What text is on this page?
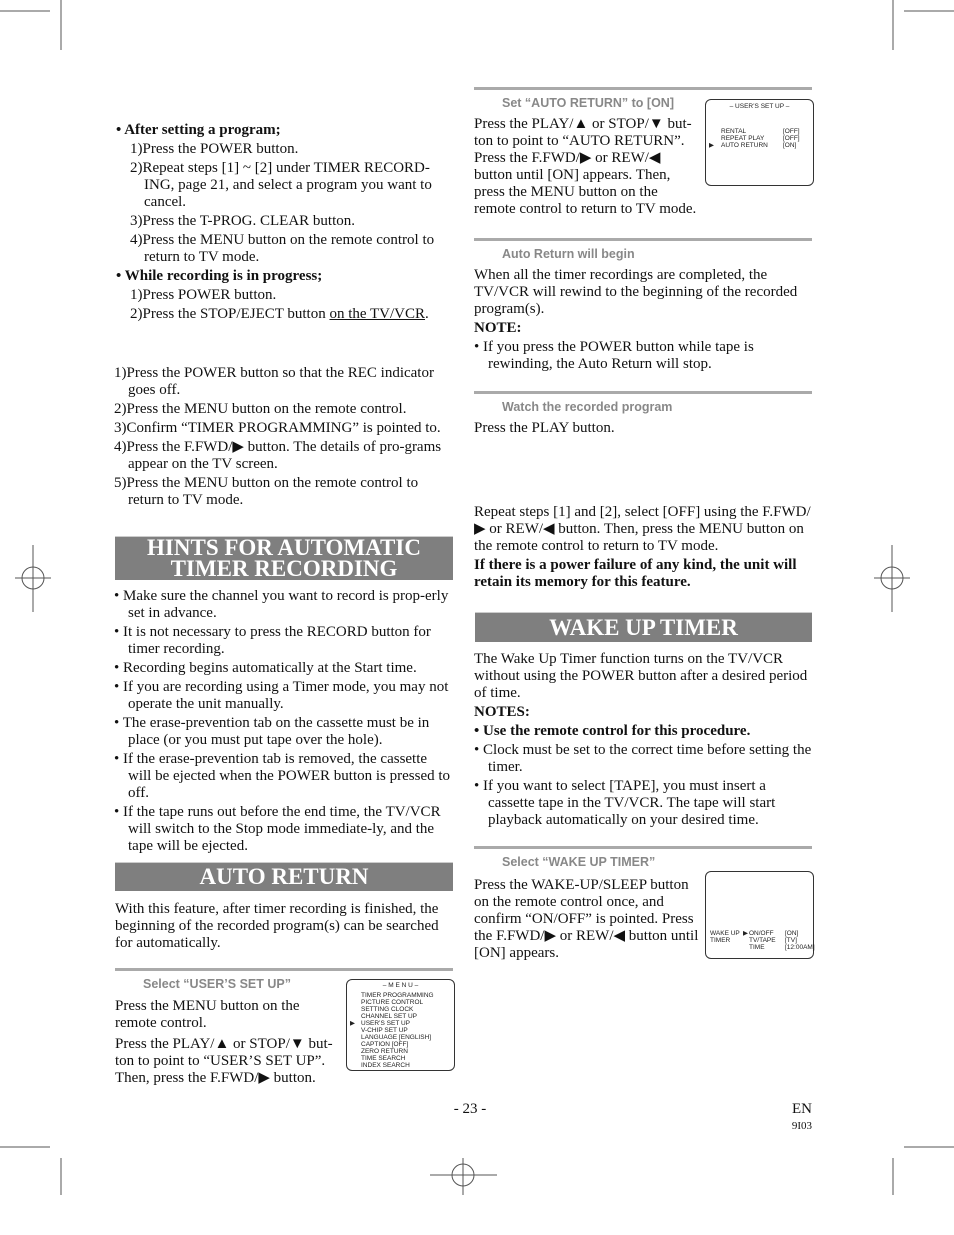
• After setting a program;
1)Press the POWER button.
2)Repeat steps [1] ~ [2] under TIMER RECORD-ING, page 21, and select a program you want to cancel.
3)Press the T-PROG. CLEAR button.
4)Press the MENU button on the remote control to return to TV mode.
• While recording is in progress;
1)Press POWER button.
2)Press the STOP/EJECT button on the TV/VCR.
1)Press the POWER button so that the REC indicator goes off.
2)Press the MENU button on the remote control.
3)Confirm “TIMER PROGRAMMING” is pointed to.
4)Press the F.FWD/▶ button. The details of pro-grams appear on the TV screen.
5)Press the MENU button on the remote control to return to TV mode.
HINTS FOR AUTOMATIC
TIMER RECORDING
• Make sure the channel you want to record is prop-erly set in advance.
• It is not necessary to press the RECORD button for timer recording.
• Recording begins automatically at the Start time.
• If you are recording using a Timer mode, you may not operate the unit manually.
• The erase-prevention tab on the cassette must be in place (or you must put tape over the hole).
• If the erase-prevention tab is removed, the cassette will be ejected when the POWER button is pressed to off.
• If the tape runs out before the end time, the TV/VCR will switch to the Stop mode immediate-ly, and the tape will be ejected.
AUTO RETURN
With this feature, after timer recording is finished, the beginning of the recorded program(s) can be searched for automatically.
Select “USER’S SET UP”
Press the MENU button on the remote control.
Press the PLAY/▲ or STOP/▼ but-ton to point to “USER’S SET UP”. Then, press the F.FWD/▶ button.
– M E N U –
▶
TIMER PROGRAMMING
PICTURE CONTROL
SETTING CLOCK
CHANNEL SET UP
USER’S SET UP
V-CHIP SET UP
LANGUAGE [ENGLISH]
CAPTION [OFF]
ZERO RETURN
TIME SEARCH
INDEX SEARCH
Set “AUTO RETURN” to [ON]
Press the PLAY/▲ or STOP/▼ but-ton to point to “AUTO RETURN”. Press the F.FWD/▶ or REW/◀ button until [ON] appears. Then, press the MENU button on the remote control to return to TV mode.
– USER’S SET UP –
▶
RENTAL	[OFF]
REPEAT PLAY	[OFF]
AUTO RETURN [ON]
Auto Return will begin
When all the timer recordings are completed, the TV/VCR will rewind to the beginning of the recorded program(s).
NOTE:
• If you press the POWER button while tape is rewinding, the Auto Return will stop.
Watch the recorded program
Press the PLAY button.
Repeat steps [1] and [2], select [OFF] using the F.FWD/▶ or REW/◀ button. Then, press the MENU button on the remote control to return to TV mode.
If there is a power failure of any kind, the unit will retain its memory for this feature.
WAKE UP TIMER
The Wake Up Timer function turns on the TV/VCR without using the POWER button after a desired period of time.
NOTES:
• Use the remote control for this procedure.
• Clock must be set to the correct time before setting the timer.
• If you want to select [TAPE], you must insert a cassette tape in the TV/VCR. The tape will start playback automatically on your desired time.
Select “WAKE UP TIMER”
Press the WAKE-UP/SLEEP button on the remote control once, and confirm “ON/OFF” is pointed. Press the F.FWD/▶ or REW/◀ button until [ON] appears.
WAKE UP
TIMER
▶ ON/OFF [ON]
TV/TAPE [TV]
TIME	[12:00AM]
- 23 -	EN
9I03
